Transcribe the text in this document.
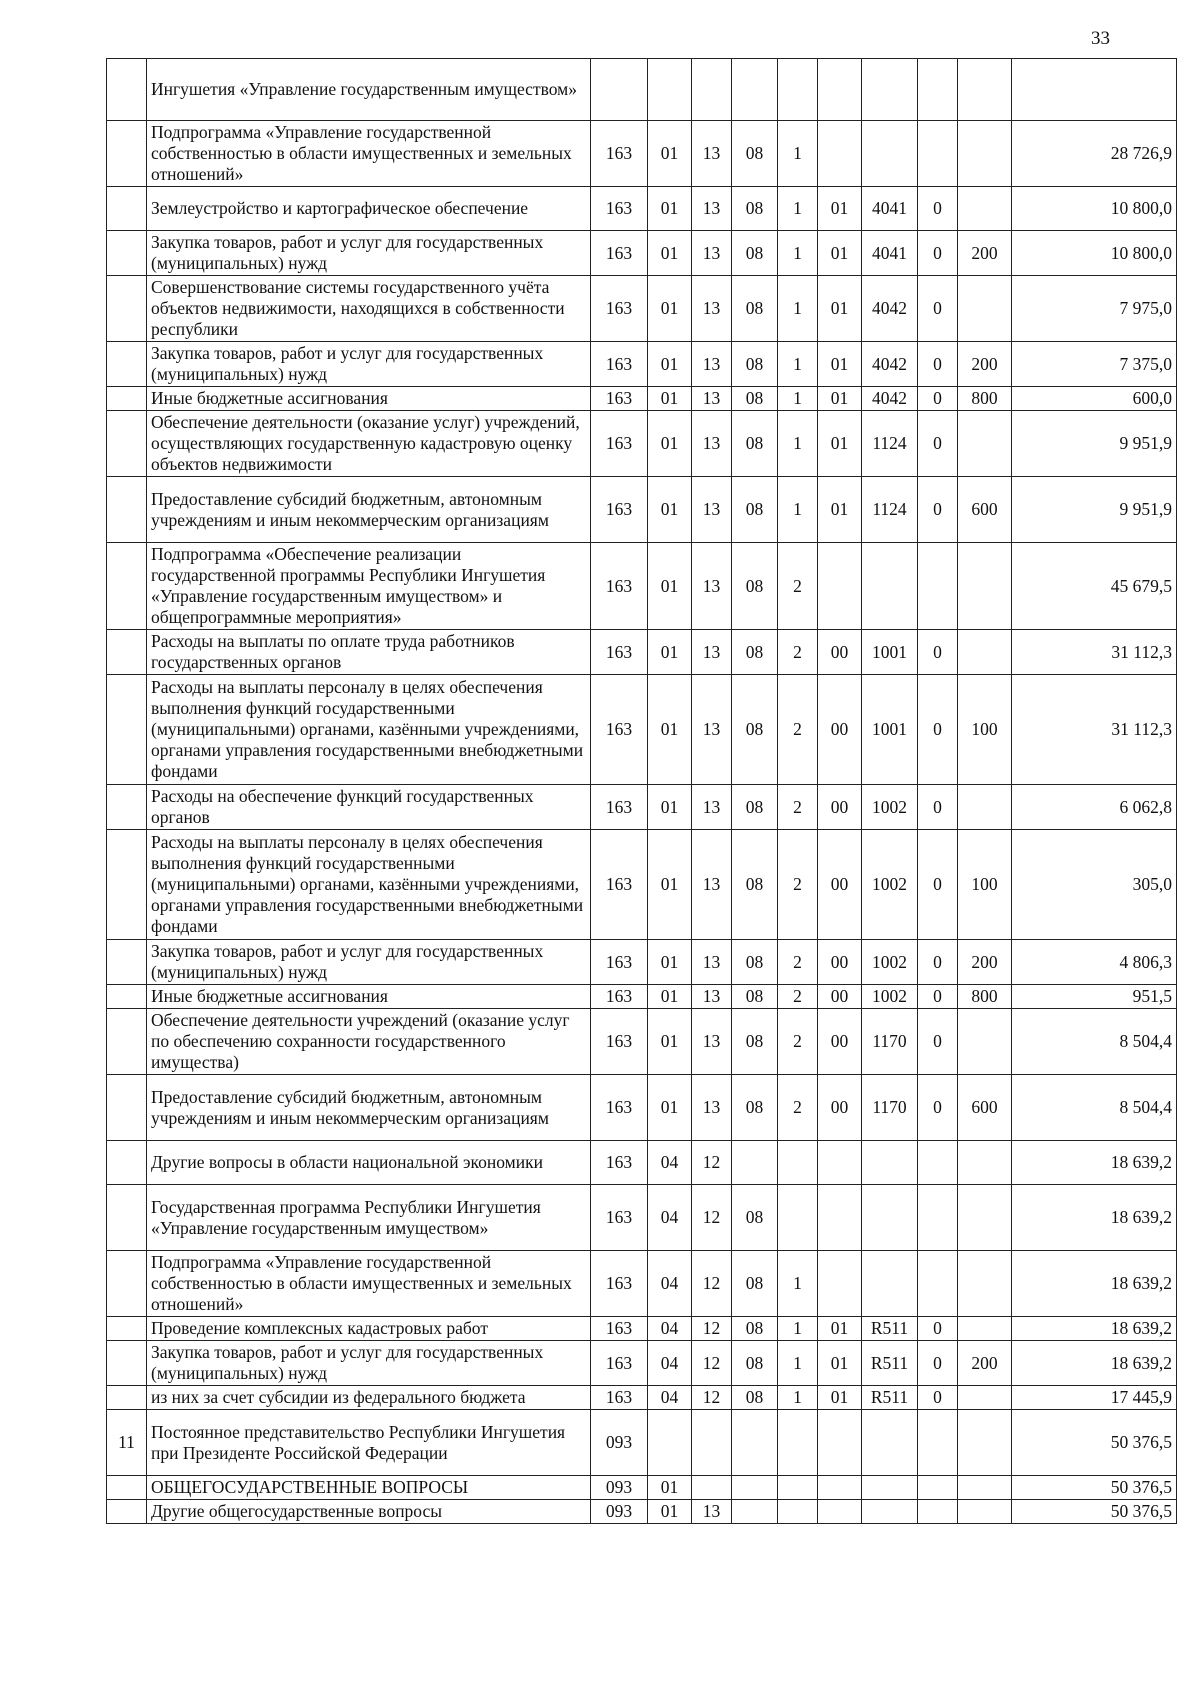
33
	Ингушетия «Управление государственным имуществом»										
	Подпрограмма «Управление государственной собственностью в области имущественных и земельных отношений»	163	01	13	08	1					28 726,9
	Землеустройство и картографическое обеспечение	163	01	13	08	1	01	4041	0		10 800,0
	Закупка товаров, работ и услуг для государственных (муниципальных) нужд	163	01	13	08	1	01	4041	0	200	10 800,0
	Совершенствование системы государственного учёта объектов недвижимости, находящихся в собственности республики	163	01	13	08	1	01	4042	0		7 975,0
	Закупка товаров, работ и услуг для государственных (муниципальных) нужд	163	01	13	08	1	01	4042	0	200	7 375,0
	Иные бюджетные ассигнования	163	01	13	08	1	01	4042	0	800	600,0
	Обеспечение деятельности (оказание услуг) учреждений, осуществляющих государственную кадастровую оценку объектов недвижимости	163	01	13	08	1	01	1124	0		9 951,9
	Предоставление субсидий бюджетным, автономным учреждениям и иным некоммерческим организациям	163	01	13	08	1	01	1124	0	600	9 951,9
	Подпрограмма «Обеспечение реализации государственной программы Республики Ингушетия «Управление государственным имуществом» и общепрограммные мероприятия»	163	01	13	08	2					45 679,5
	Расходы на выплаты по оплате труда работников государственных органов	163	01	13	08	2	00	1001	0		31 112,3
	Расходы на выплаты персоналу в целях обеспечения выполнения функций государственными (муниципальными) органами, казёнными учреждениями, органами управления государственными внебюджетными фондами	163	01	13	08	2	00	1001	0	100	31 112,3
	Расходы на обеспечение функций государственных органов	163	01	13	08	2	00	1002	0		6 062,8
	Расходы на выплаты персоналу в целях обеспечения выполнения функций государственными (муниципальными) органами, казёнными учреждениями, органами управления государственными внебюджетными фондами	163	01	13	08	2	00	1002	0	100	305,0
	Закупка товаров, работ и услуг для государственных (муниципальных) нужд	163	01	13	08	2	00	1002	0	200	4 806,3
	Иные бюджетные ассигнования	163	01	13	08	2	00	1002	0	800	951,5
	Обеспечение деятельности учреждений (оказание услуг по обеспечению сохранности государственного имущества)	163	01	13	08	2	00	1170	0		8 504,4
	Предоставление субсидий бюджетным, автономным учреждениям и иным некоммерческим организациям	163	01	13	08	2	00	1170	0	600	8 504,4
	Другие вопросы в области национальной экономики	163	04	12							18 639,2
	Государственная программа Республики Ингушетия «Управление государственным имуществом»	163	04	12	08						18 639,2
	Подпрограмма «Управление государственной собственностью в области имущественных и земельных отношений»	163	04	12	08	1					18 639,2
	Проведение комплексных кадастровых работ	163	04	12	08	1	01	R511	0		18 639,2
	Закупка товаров, работ и услуг для государственных (муниципальных) нужд	163	04	12	08	1	01	R511	0	200	18 639,2
	из них за счет субсидии из федерального бюджета	163	04	12	08	1	01	R511	0		17 445,9
11	Постоянное представительство Республики Ингушетия при Президенте Российской Федерации	093									50 376,5
	ОБЩЕГОСУДАРСТВЕННЫЕ ВОПРОСЫ	093	01								50 376,5
	Другие общегосударственные вопросы	093	01	13							50 376,5
